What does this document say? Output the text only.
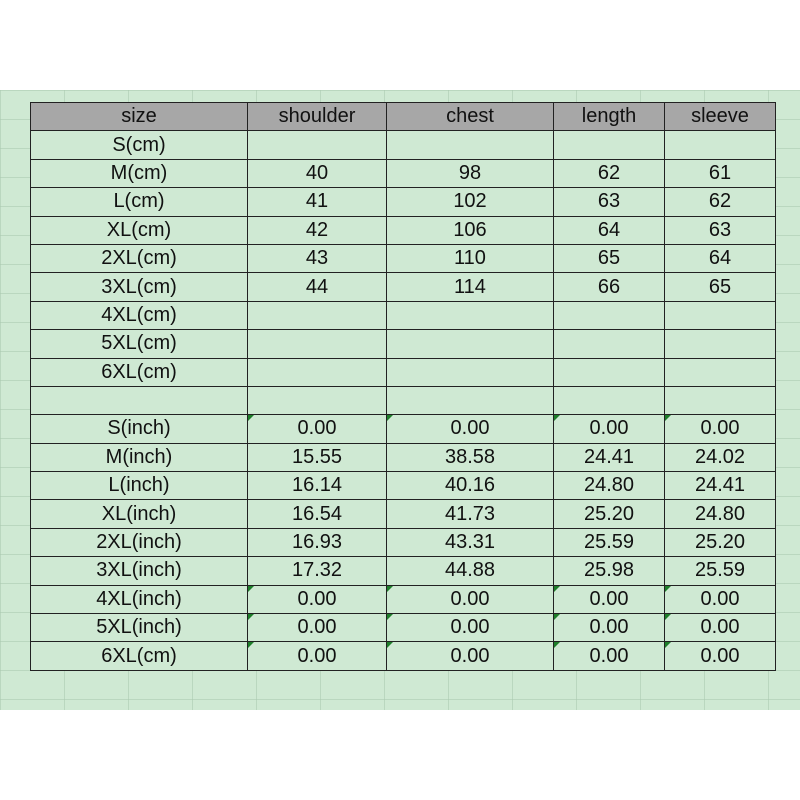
size	shoulder	chest	length	sleeve
S(cm)				
M(cm)	40	98	62	61
L(cm)	41	102	63	62
XL(cm)	42	106	64	63
2XL(cm)	43	110	65	64
3XL(cm)	44	114	66	65
4XL(cm)				
5XL(cm)				
6XL(cm)				

S(inch)	0.00	0.00	0.00	0.00
M(inch)	15.55	38.58	24.41	24.02
L(inch)	16.14	40.16	24.80	24.41
XL(inch)	16.54	41.73	25.20	24.80
2XL(inch)	16.93	43.31	25.59	25.20
3XL(inch)	17.32	44.88	25.98	25.59
4XL(inch)	0.00	0.00	0.00	0.00
5XL(inch)	0.00	0.00	0.00	0.00
6XL(cm)	0.00	0.00	0.00	0.00
